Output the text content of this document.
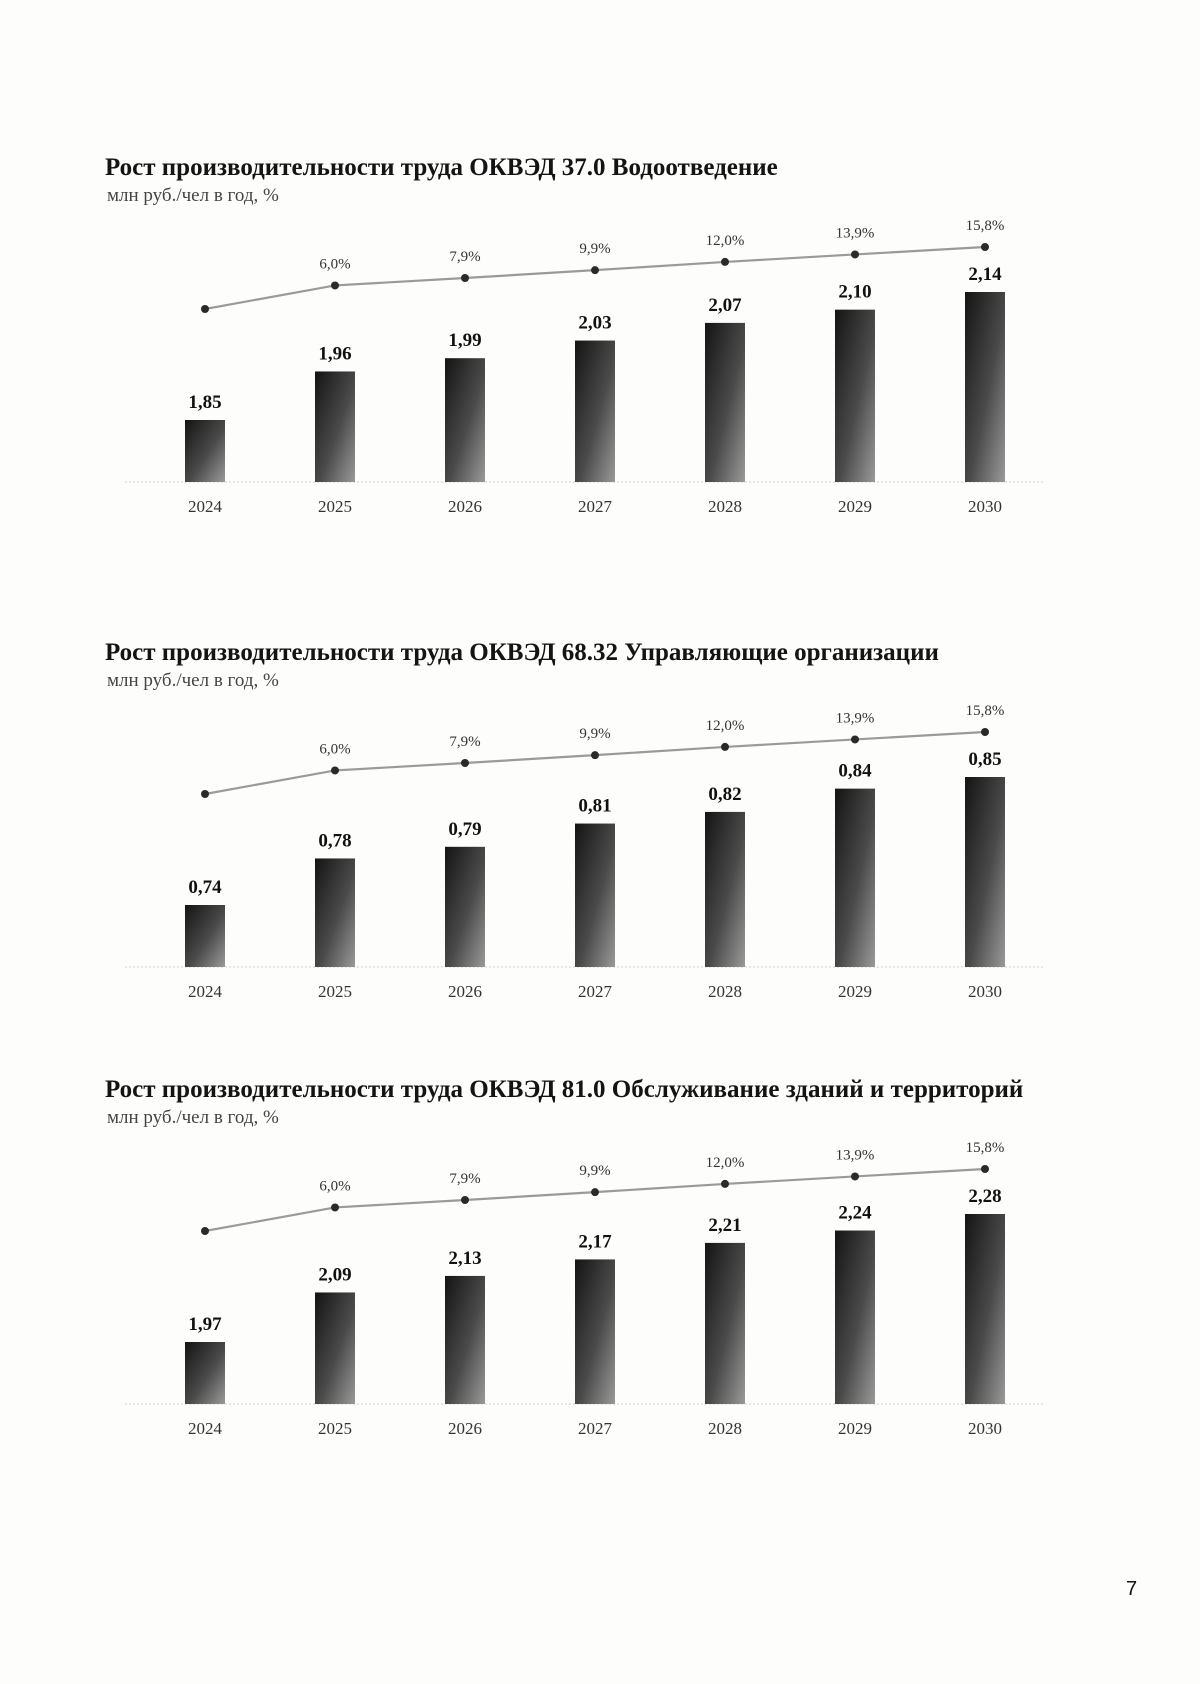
Рост производительности труда ОКВЭД 37.0 Водоотведение
млн руб./чел в год, %
1,85
2024
1,96
2025
6,0%
1,99
2026
7,9%
2,03
2027
9,9%
2,07
2028
12,0%
2,10
2029
13,9%
2,14
2030
15,8%
Рост производительности труда ОКВЭД 68.32 Управляющие организации
млн руб./чел в год, %
0,74
2024
0,78
2025
6,0%
0,79
2026
7,9%
0,81
2027
9,9%
0,82
2028
12,0%
0,84
2029
13,9%
0,85
2030
15,8%
Рост производительности труда ОКВЭД 81.0 Обслуживание зданий и территорий
млн руб./чел в год, %
1,97
2024
2,09
2025
6,0%
2,13
2026
7,9%
2,17
2027
9,9%
2,21
2028
12,0%
2,24
2029
13,9%
2,28
2030
15,8%
7
